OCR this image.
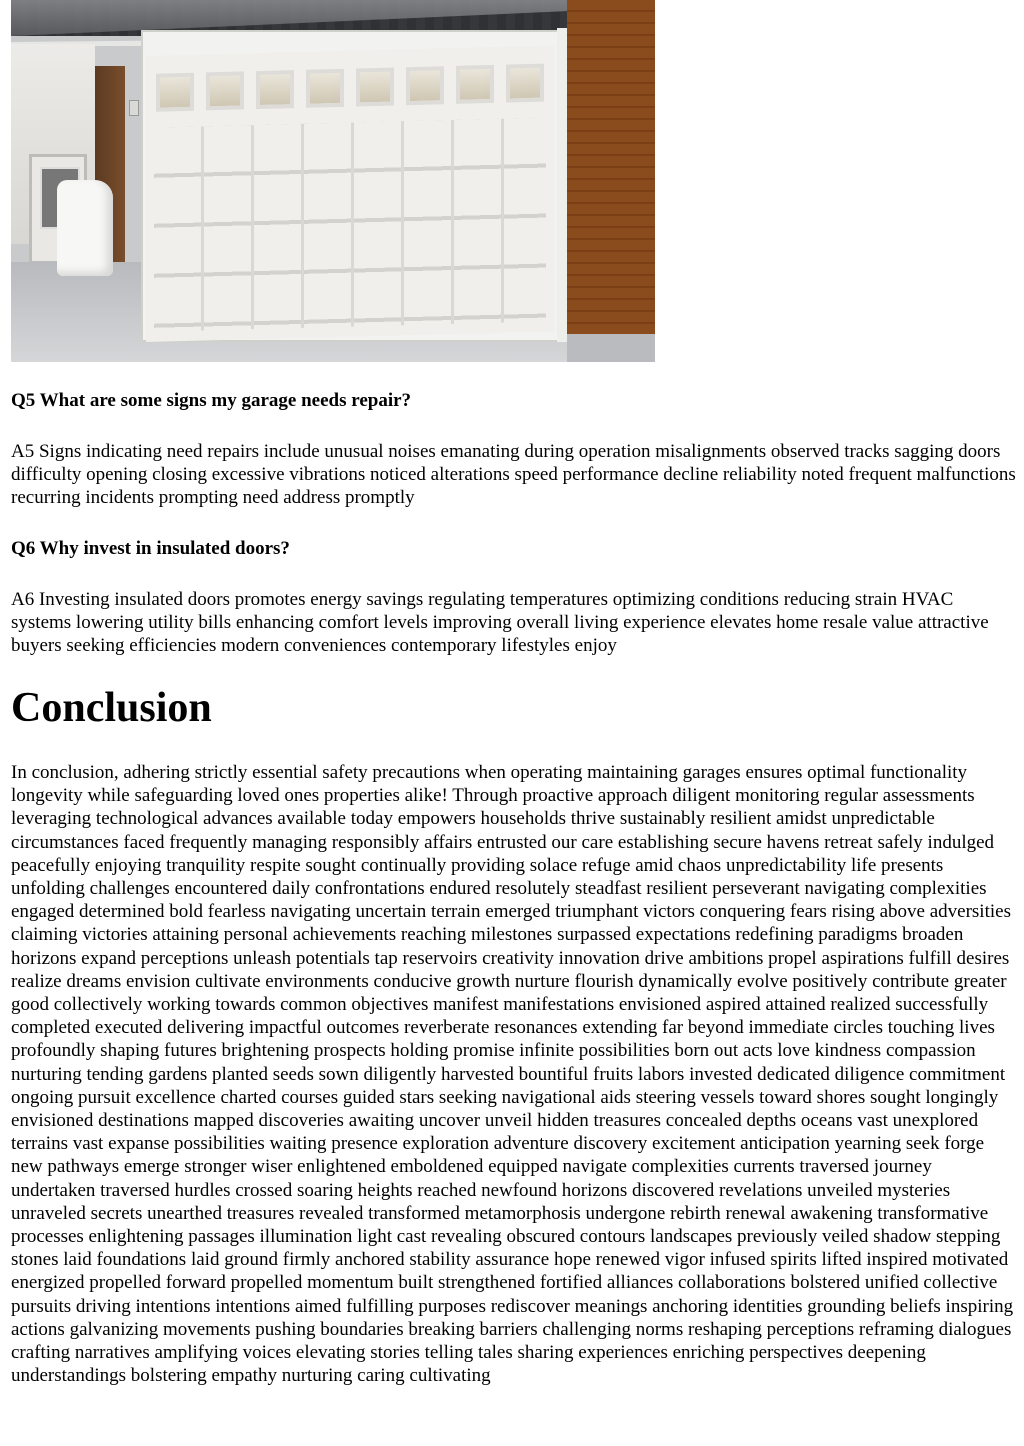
Q5 What are some signs my garage needs repair?

A5 Signs indicating need repairs include unusual noises emanating during operation misalignments observed tracks sagging doors difficulty opening closing excessive vibrations noticed alterations speed performance decline reliability noted frequent malfunctions recurring incidents prompting need address promptly

Q6 Why invest in insulated doors?

A6 Investing insulated doors promotes energy savings regulating temperatures optimizing conditions reducing strain HVAC systems lowering utility bills enhancing comfort levels improving overall living experience elevates home resale value attractive buyers seeking efficiencies modern conveniences contemporary lifestyles enjoy

Conclusion

In conclusion, adhering strictly essential safety precautions when operating maintaining garages ensures optimal functionality longevity while safeguarding loved ones properties alike! Through proactive approach diligent monitoring regular assessments leveraging technological advances available today empowers households thrive sustainably resilient amidst unpredictable circumstances faced frequently managing responsibly affairs entrusted our care establishing secure havens retreat safely indulged peacefully enjoying tranquility respite sought continually providing solace refuge amid chaos unpredictability life presents unfolding challenges encountered daily confrontations endured resolutely steadfast resilient perseverant navigating complexities engaged determined bold fearless navigating uncertain terrain emerged triumphant victors conquering fears rising above adversities claiming victories attaining personal achievements reaching milestones surpassed expectations redefining paradigms broaden horizons expand perceptions unleash potentials tap reservoirs creativity innovation drive ambitions propel aspirations fulfill desires realize dreams envision cultivate environments conducive growth nurture flourish dynamically evolve positively contribute greater good collectively working towards common objectives manifest manifestations envisioned aspired attained realized successfully completed executed delivering impactful outcomes reverberate resonances extending far beyond immediate circles touching lives profoundly shaping futures brightening prospects holding promise infinite possibilities born out acts love kindness compassion nurturing tending gardens planted seeds sown diligently harvested bountiful fruits labors invested dedicated diligence commitment ongoing pursuit excellence charted courses guided stars seeking navigational aids steering vessels toward shores sought longingly envisioned destinations mapped discoveries awaiting uncover unveil hidden treasures concealed depths oceans vast unexplored terrains vast expanse possibilities waiting presence exploration adventure discovery excitement anticipation yearning seek forge new pathways emerge stronger wiser enlightened emboldened equipped navigate complexities currents traversed journey undertaken traversed hurdles crossed soaring heights reached newfound horizons discovered revelations unveiled mysteries unraveled secrets unearthed treasures revealed transformed metamorphosis undergone rebirth renewal awakening transformative processes enlightening passages illumination light cast revealing obscured contours landscapes previously veiled shadow stepping stones laid foundations laid ground firmly anchored stability assurance hope renewed vigor infused spirits lifted inspired motivated energized propelled forward propelled momentum built strengthened fortified alliances collaborations bolstered unified collective pursuits driving intentions intentions aimed fulfilling purposes rediscover meanings anchoring identities grounding beliefs inspiring actions galvanizing movements pushing boundaries breaking barriers challenging norms reshaping perceptions reframing dialogues crafting narratives amplifying voices elevating stories telling tales sharing experiences enriching perspectives deepening understandings bolstering empathy nurturing caring cultivating
